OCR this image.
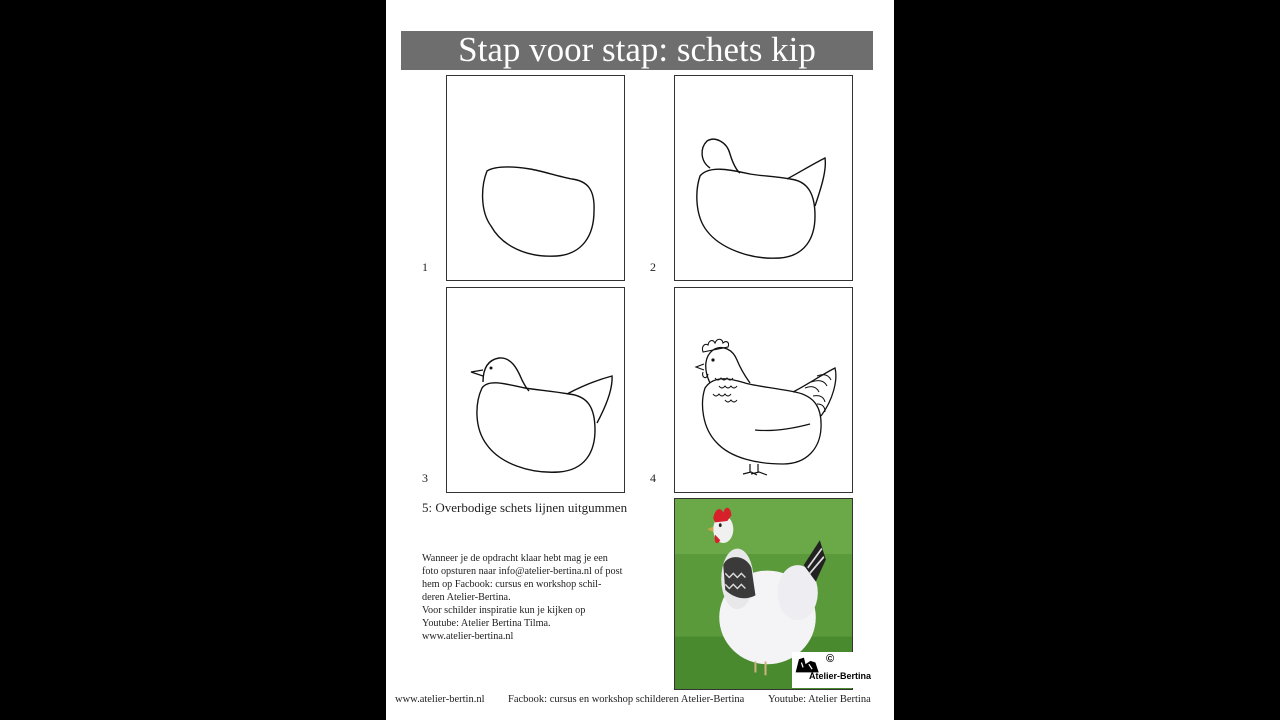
Stap voor stap: schets kip
1	2
3	4
5: Overbodige schets lijnen uitgummen
Wanneer je de opdracht klaar hebt mag je een
foto opsturen naar info@atelier-bertina.nl of post
hem op Facbook: cursus en workshop schil-
deren Atelier-Bertina.
Voor schilder inspiratie kun je kijken op
Youtube: Atelier Bertina Tilma.
www.atelier-bertina.nl
©
Atelier-Bertina
www.atelier-bertin.nl Facbook: cursus en workshop schilderen Atelier-Bertina Youtube: Atelier Bertina
